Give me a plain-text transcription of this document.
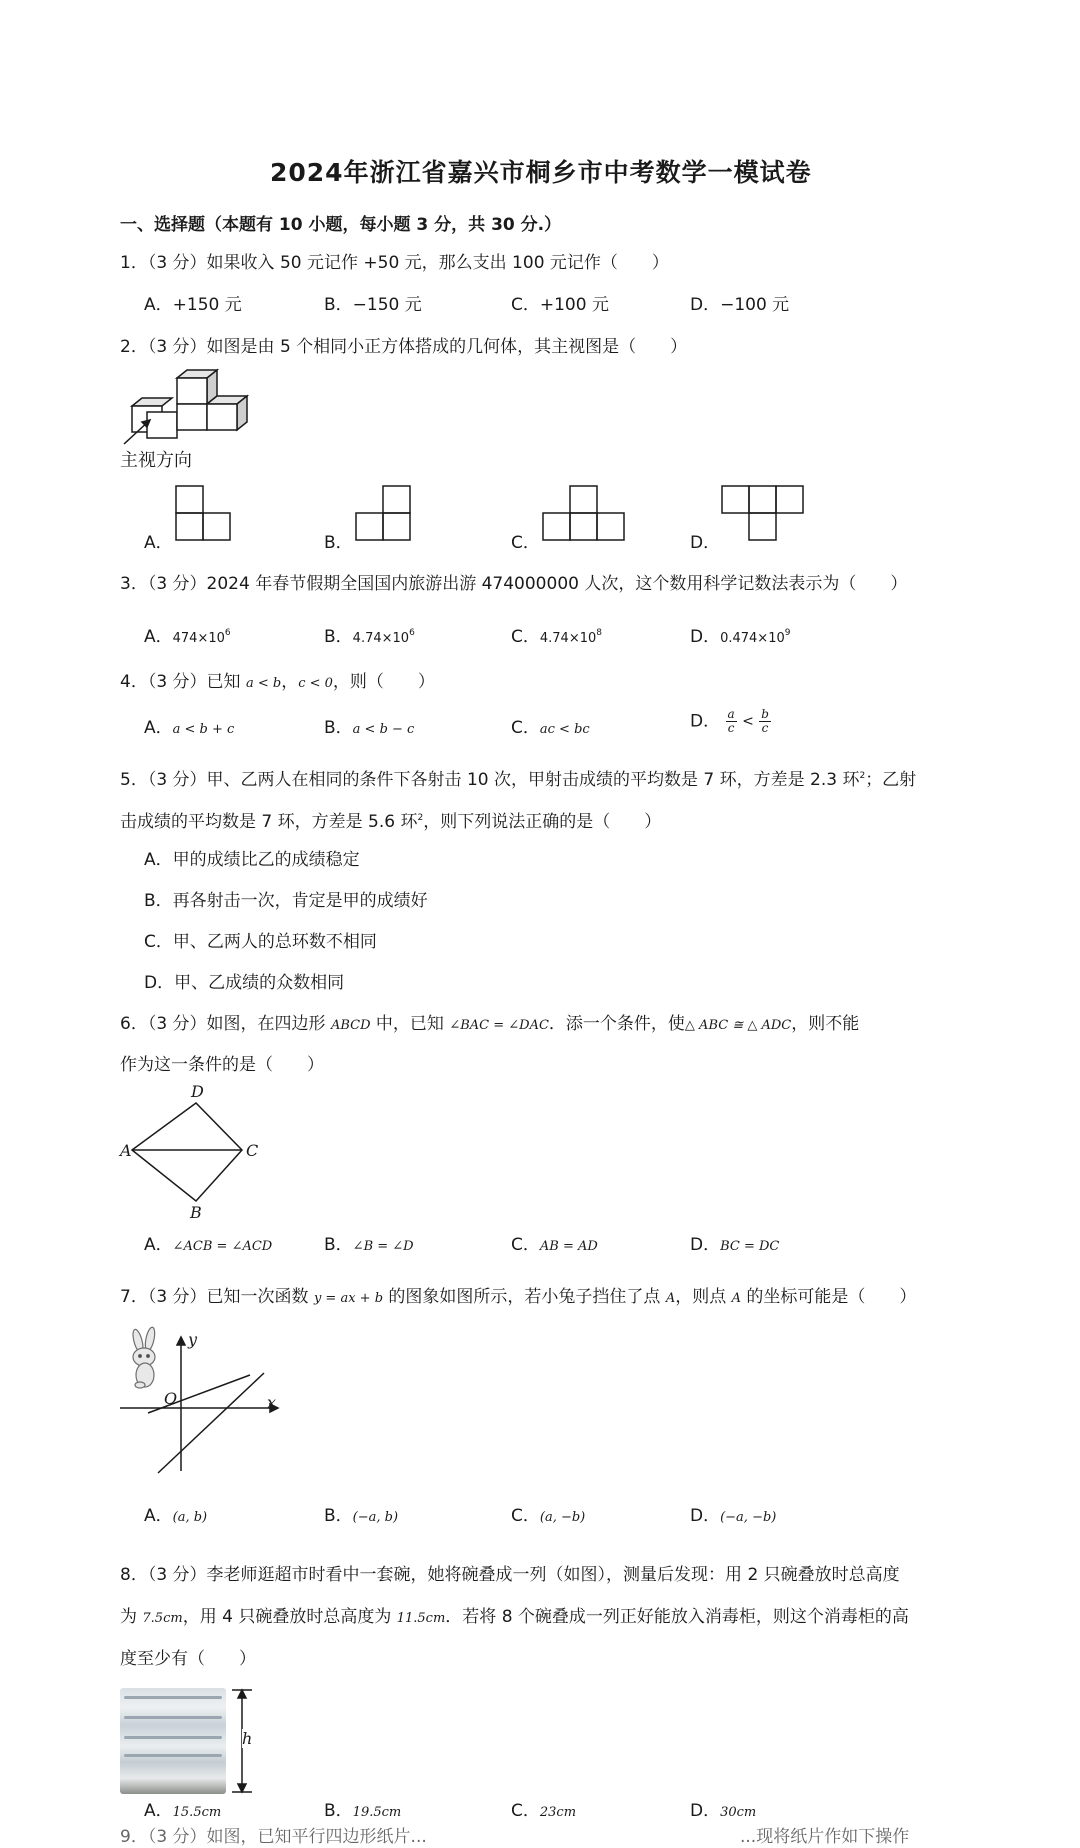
2024年浙江省嘉兴市桐乡市中考数学一模试卷
一、选择题（本题有 10 小题，每小题 3 分，共 30 分.）
1．（3 分）如果收入 50 元记作 +50 元，那么支出 100 元记作（　　）
A．+150 元	B．−150 元	C．+100 元	D．−100 元
2．（3 分）如图是由 5 个相同小正方体搭成的几何体，其主视图是（　　）
主视方向
A．	B．	C．	D．
3．（3 分）2024 年春节假期全国国内旅游出游 474000000 人次，这个数用科学记数法表示为（　　）
A．$474\times 10^6$	B．$4.74\times 10^6$	C．$4.74\times 10^8$	D．$0.474\times 10^9$
4．（3 分）已知 a < b，c < 0，则（　　）
A．a < b + c	B．a < b − c	C．ac < bc	D． $\frac{a}{c} < \frac{b}{c}$
5．（3 分）甲、乙两人在相同的条件下各射击 10 次，甲射击成绩的平均数是 7 环，方差是 2.3 环$^2$；乙射
击成绩的平均数是 7 环，方差是 5.6 环$^2$，则下列说法正确的是（　　）
A．甲的成绩比乙的成绩稳定
B．再各射击一次，肯定是甲的成绩好
C．甲、乙两人的总环数不相同
D．甲、乙成绩的众数相同
6．（3 分）如图，在四边形 ABCD 中，已知 ∠BAC = ∠DAC．添一个条件，使△ ABC ≅ △ ADC，则不能
作为这一条件的是（　　）
D
A	C
B
A．∠ACB = ∠ACD	B．∠B = ∠D	C．AB = AD	D．BC = DC
7．（3 分）已知一次函数 y = ax + b 的图象如图所示，若小兔子挡住了点 A，则点 A 的坐标可能是（　　）
y
x
O
A．(a, b)	B．(−a, b)	C．(a, −b)	D．(−a, −b)
8．（3 分）李老师逛超市时看中一套碗，她将碗叠成一列（如图），测量后发现：用 2 只碗叠放时总高度
为 7.5cm，用 4 只碗叠放时总高度为 11.5cm．若将 8 个碗叠成一列正好能放入消毒柜，则这个消毒柜的高
度至少有（　　）
h
A．15.5cm	B．19.5cm	C．23cm	D．30cm
9．（3 分）如图，已知平行四边形纸片...	...现将纸片作如下操作
